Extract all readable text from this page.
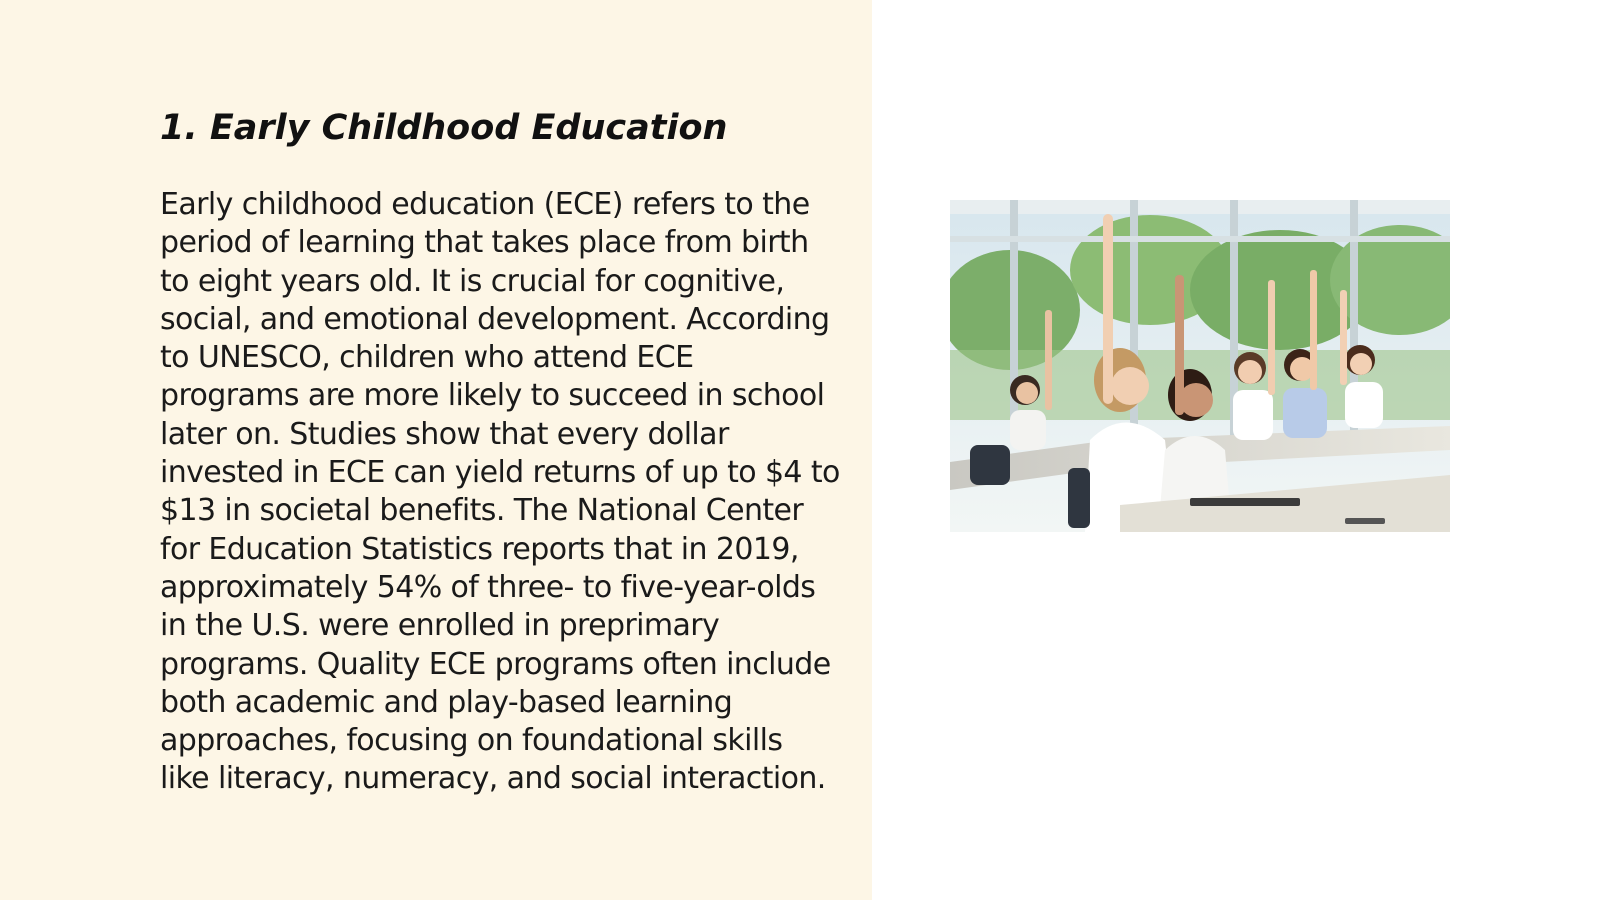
1. Early Childhood Education

Early childhood education (ECE) refers to the period of learning that takes place from birth to eight years old. It is crucial for cognitive, social, and emotional development. According to UNESCO, children who attend ECE programs are more likely to succeed in school later on. Studies show that every dollar invested in ECE can yield returns of up to $4 to $13 in societal benefits. The National Center for Education Statistics reports that in 2019, approximately 54% of three- to five-year-olds in the U.S. were enrolled in preprimary programs. Quality ECE programs often include both academic and play-based learning approaches, focusing on foundational skills like literacy, numeracy, and social interaction.
